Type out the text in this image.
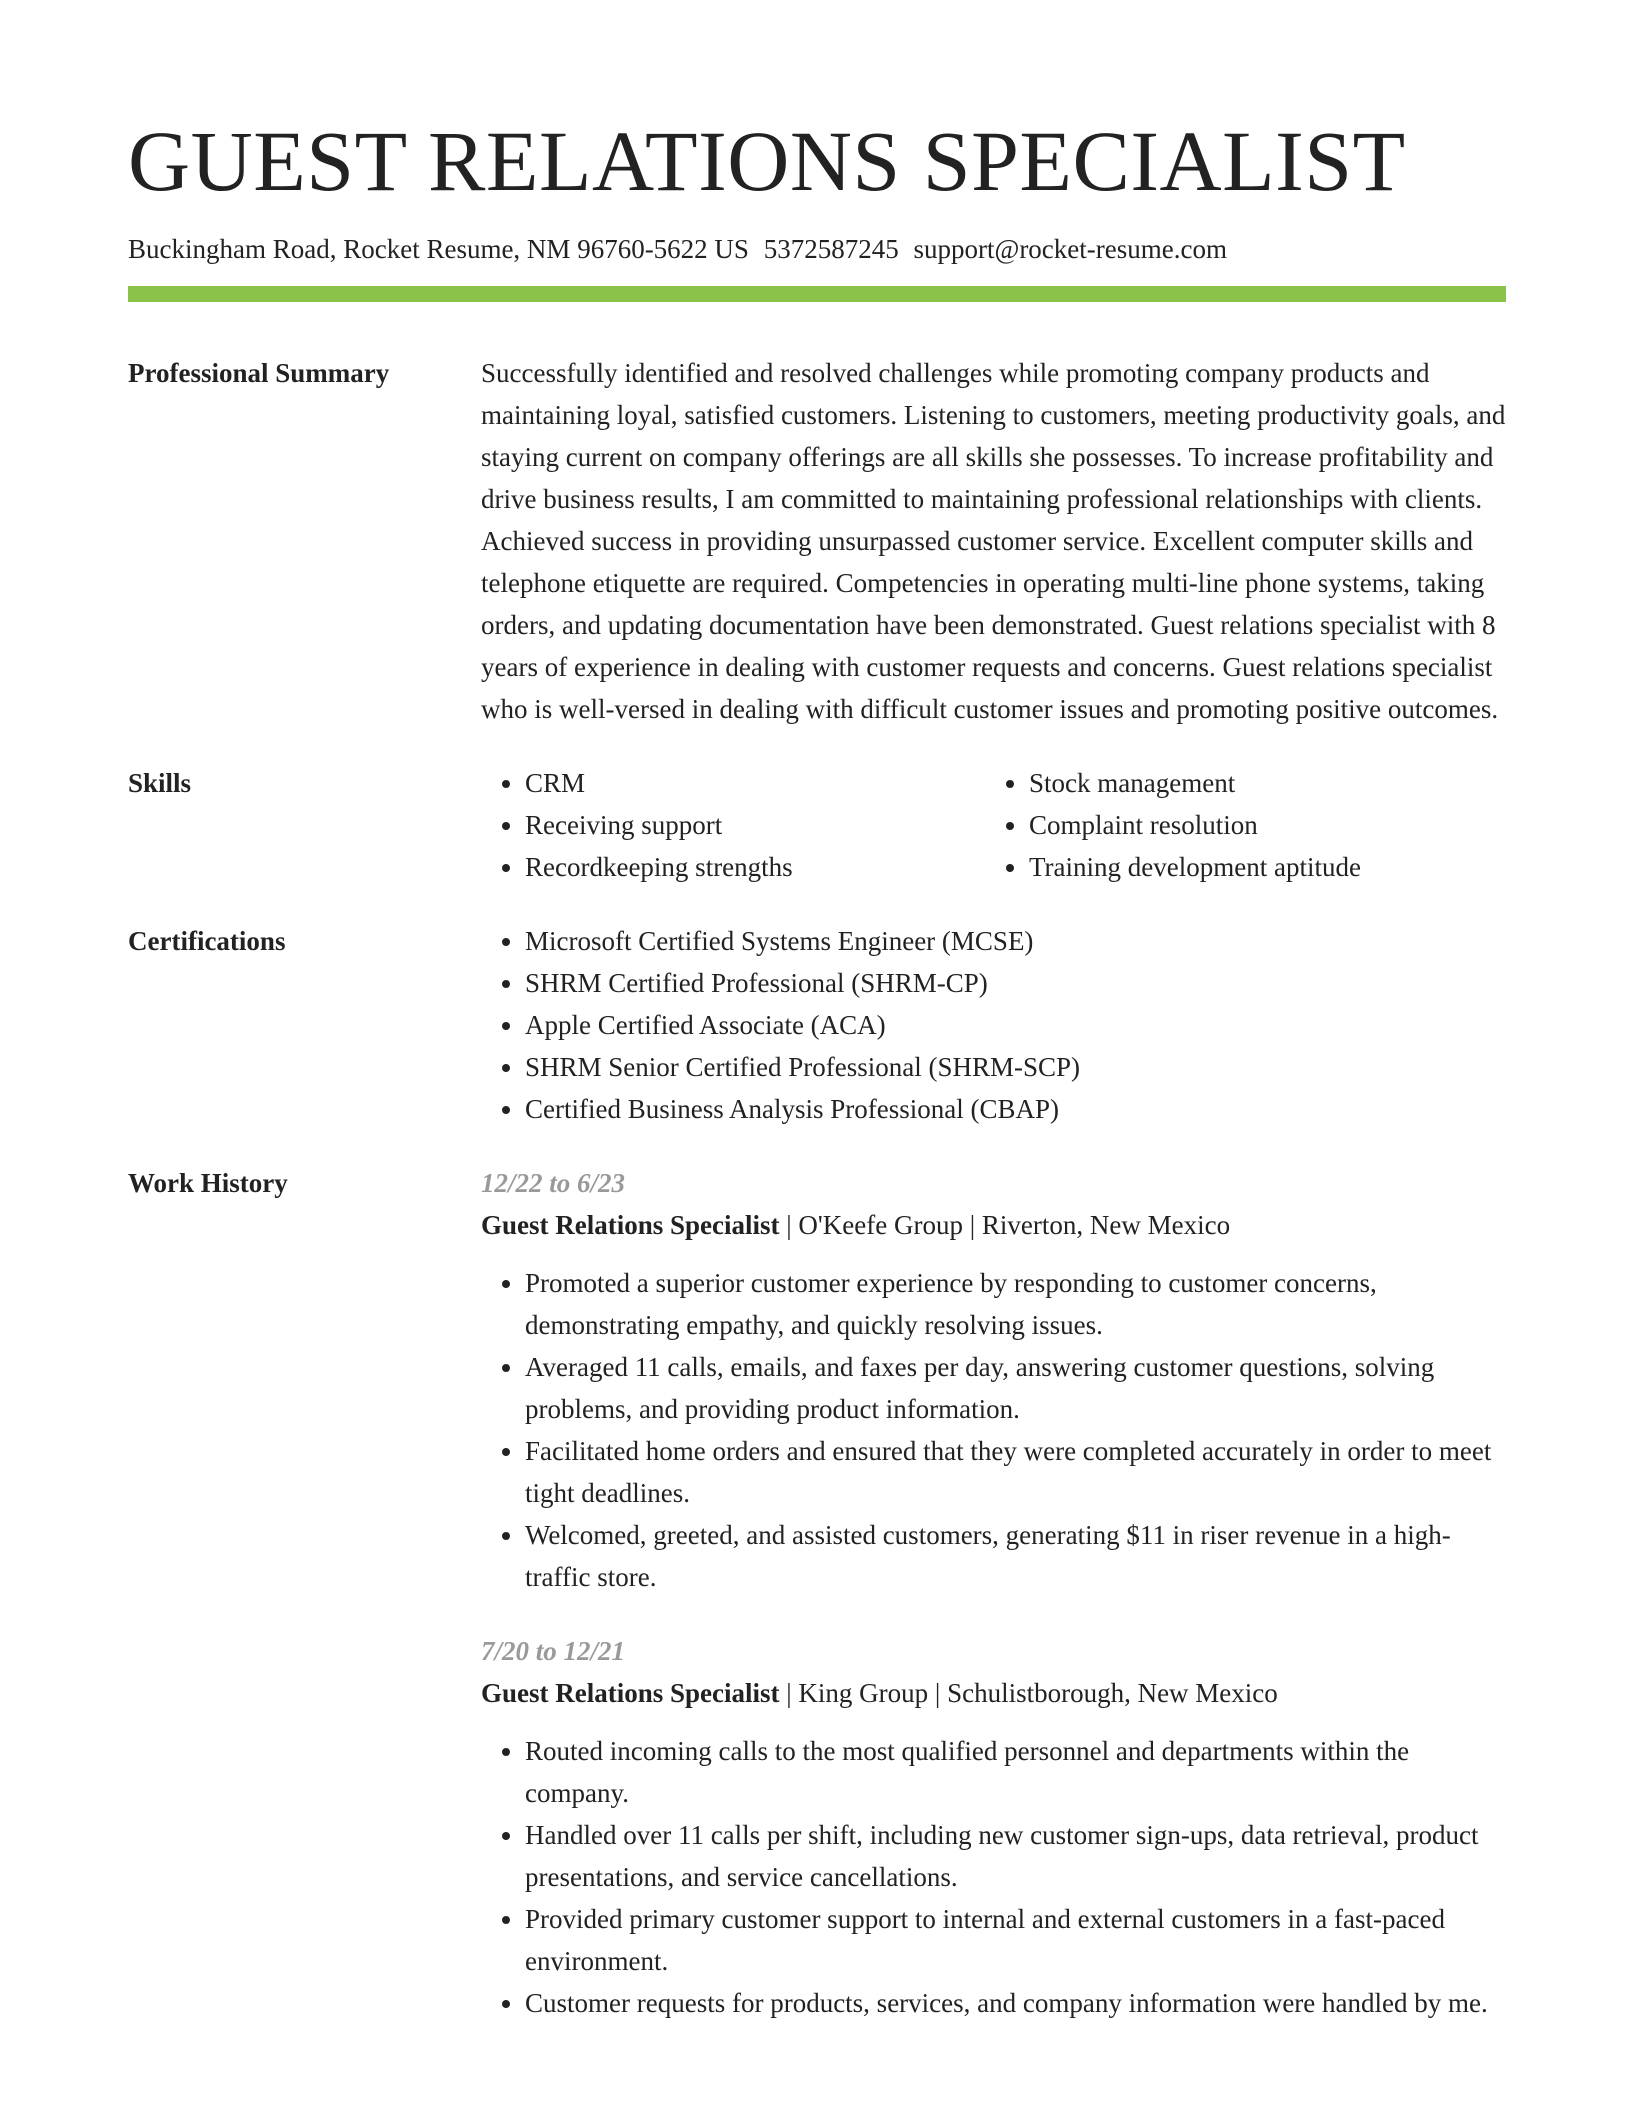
GUEST RELATIONS SPECIALIST
Buckingham Road, Rocket Resume, NM 96760-5622 US 5372587245 support@rocket-resume.com
Professional Summary	Successfully identified and resolved challenges while promoting company products and maintaining loyal, satisfied customers. Listening to customers, meeting productivity goals, and staying current on company offerings are all skills she possesses. To increase profitability and drive business results, I am committed to maintaining professional relationships with clients. Achieved success in providing unsurpassed customer service. Excellent computer skills and telephone etiquette are required. Competencies in operating multi-line phone systems, taking orders, and updating documentation have been demonstrated. Guest relations specialist with 8 years of experience in dealing with customer requests and concerns. Guest relations specialist who is well-versed in dealing with difficult customer issues and promoting positive outcomes.
Skills	• CRM
• Receiving support
• Recordkeeping strengths
• Stock management
• Complaint resolution
• Training development aptitude
Certifications	• Microsoft Certified Systems Engineer (MCSE)
• SHRM Certified Professional (SHRM-CP)
• Apple Certified Associate (ACA)
• SHRM Senior Certified Professional (SHRM-SCP)
• Certified Business Analysis Professional (CBAP)
Work History	12/22 to 6/23
Guest Relations Specialist | O'Keefe Group | Riverton, New Mexico
• Promoted a superior customer experience by responding to customer concerns, demonstrating empathy, and quickly resolving issues.
• Averaged 11 calls, emails, and faxes per day, answering customer questions, solving problems, and providing product information.
• Facilitated home orders and ensured that they were completed accurately in order to meet tight deadlines.
• Welcomed, greeted, and assisted customers, generating $11 in riser revenue in a high-traffic store.
7/20 to 12/21
Guest Relations Specialist | King Group | Schulistborough, New Mexico
• Routed incoming calls to the most qualified personnel and departments within the company.
• Handled over 11 calls per shift, including new customer sign-ups, data retrieval, product presentations, and service cancellations.
• Provided primary customer support to internal and external customers in a fast-paced environment.
• Customer requests for products, services, and company information were handled by me.
